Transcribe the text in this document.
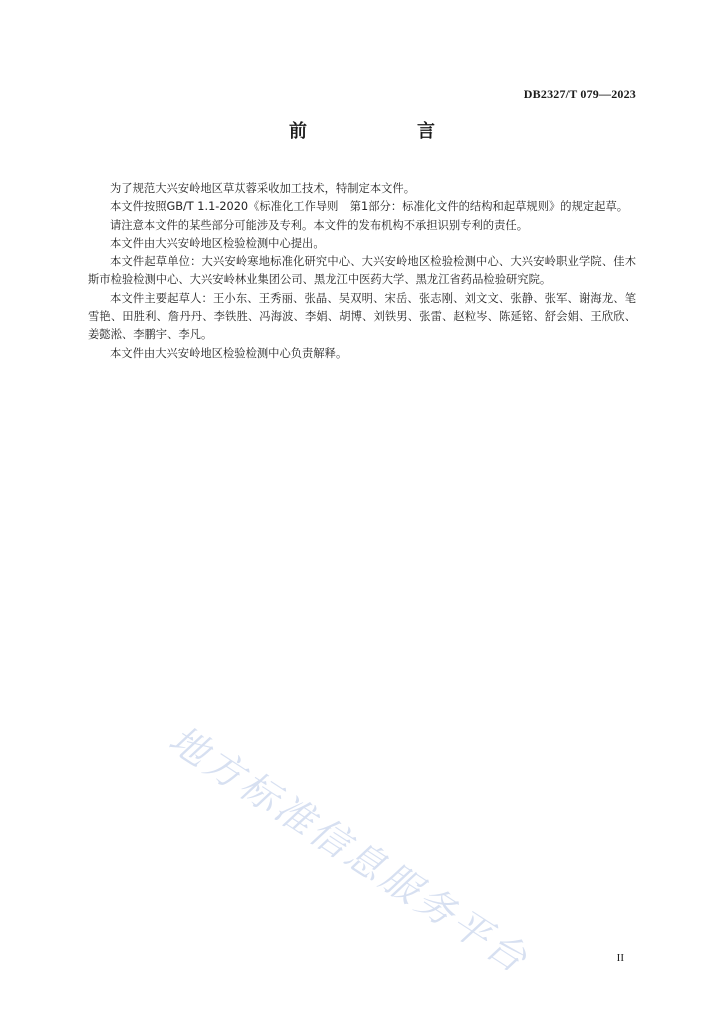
DB2327/T 079—2023
前　言

为了规范大兴安岭地区草苁蓉采收加工技术，特制定本文件。

本文件按照GB/T 1.1-2020《标准化工作导则　第1部分：标准化文件的结构和起草规则》的规定起草。

请注意本文件的某些部分可能涉及专利。本文件的发布机构不承担识别专利的责任。

本文件由大兴安岭地区检验检测中心提出。

本文件起草单位：大兴安岭寒地标准化研究中心、大兴安岭地区检验检测中心、大兴安岭职业学院、佳木斯市检验检测中心、大兴安岭林业集团公司、黑龙江中医药大学、黑龙江省药品检验研究院。

本文件主要起草人：王小东、王秀丽、张晶、吴双明、宋岳、张志刚、刘文文、张静、张军、谢海龙、笔雪艳、田胜利、詹丹丹、李铁胜、冯海波、李娟、胡博、刘铁男、张雷、赵粒岑、陈延铭、舒会娟、王欣欣、姜懿淞、李鹏宇、李凡。

本文件由大兴安岭地区检验检测中心负责解释。

地方标准信息服务平台	II
